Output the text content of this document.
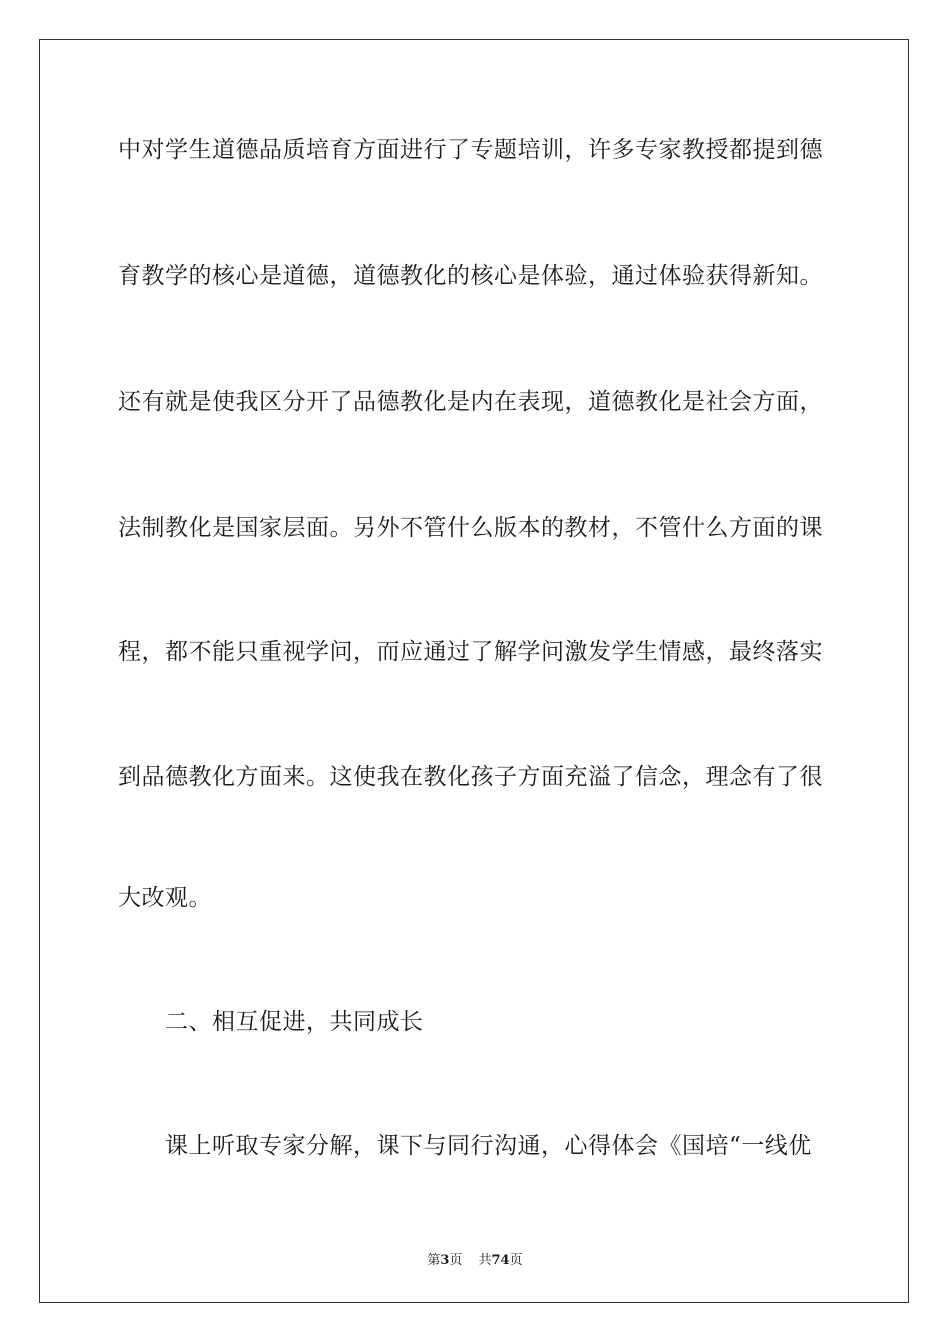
中对学生道德品质培育方面进行了专题培训，许多专家教授都提到德
育教学的核心是道德，道德教化的核心是体验，通过体验获得新知。
还有就是使我区分开了品德教化是内在表现，道德教化是社会方面，
法制教化是国家层面。另外不管什么版本的教材，不管什么方面的课
程，都不能只重视学问，而应通过了解学问激发学生情感，最终落实
到品德教化方面来。这使我在教化孩子方面充溢了信念，理念有了很
大改观。
二、相互促进，共同成长
课上听取专家分解，课下与同行沟通，心得体会《国培“一线优
第3页 共74页
